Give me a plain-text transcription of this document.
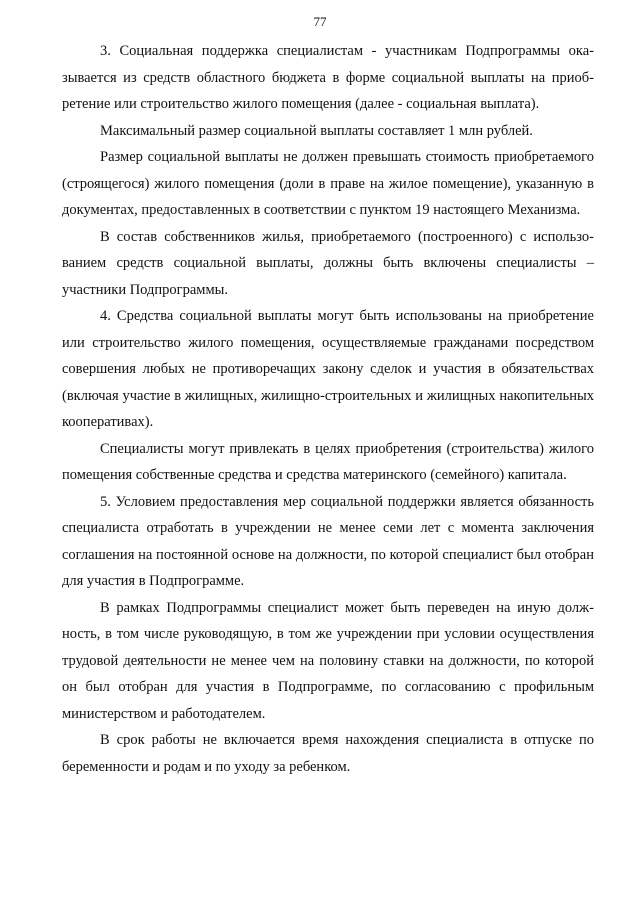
77

3. Социальная поддержка специалистам - участникам Подпрограммы оказывается из средств областного бюджета в форме социальной выплаты на приобретение или строительство жилого помещения (далее - социальная выплата).

Максимальный размер социальной выплаты составляет 1 млн рублей.

Размер социальной выплаты не должен превышать стоимость приобретаемого (строящегося) жилого помещения (доли в праве на жилое помещение), указанную в документах, предоставленных в соответствии с пунктом 19 настоящего Механизма.

В состав собственников жилья, приобретаемого (построенного) с использованием средств социальной выплаты, должны быть включены специалисты – участники Подпрограммы.

4. Средства социальной выплаты могут быть использованы на приобретение или строительство жилого помещения, осуществляемые гражданами посредством совершения любых не противоречащих закону сделок и участия в обязательствах (включая участие в жилищных, жилищно-строительных и жилищных накопительных кооперативах).

Специалисты могут привлекать в целях приобретения (строительства) жилого помещения собственные средства и средства материнского (семейного) капитала.

5. Условием предоставления мер социальной поддержки является обязанность специалиста отработать в учреждении не менее семи лет с момента заключения соглашения на постоянной основе на должности, по которой специалист был отобран для участия в Подпрограмме.

В рамках Подпрограммы специалист может быть переведен на иную должность, в том числе руководящую, в том же учреждении при условии осуществления трудовой деятельности не менее чем на половину ставки на должности, по которой он был отобран для участия в Подпрограмме, по согласованию с профильным министерством и работодателем.

В срок работы не включается время нахождения специалиста в отпуске по беременности и родам и по уходу за ребенком.
